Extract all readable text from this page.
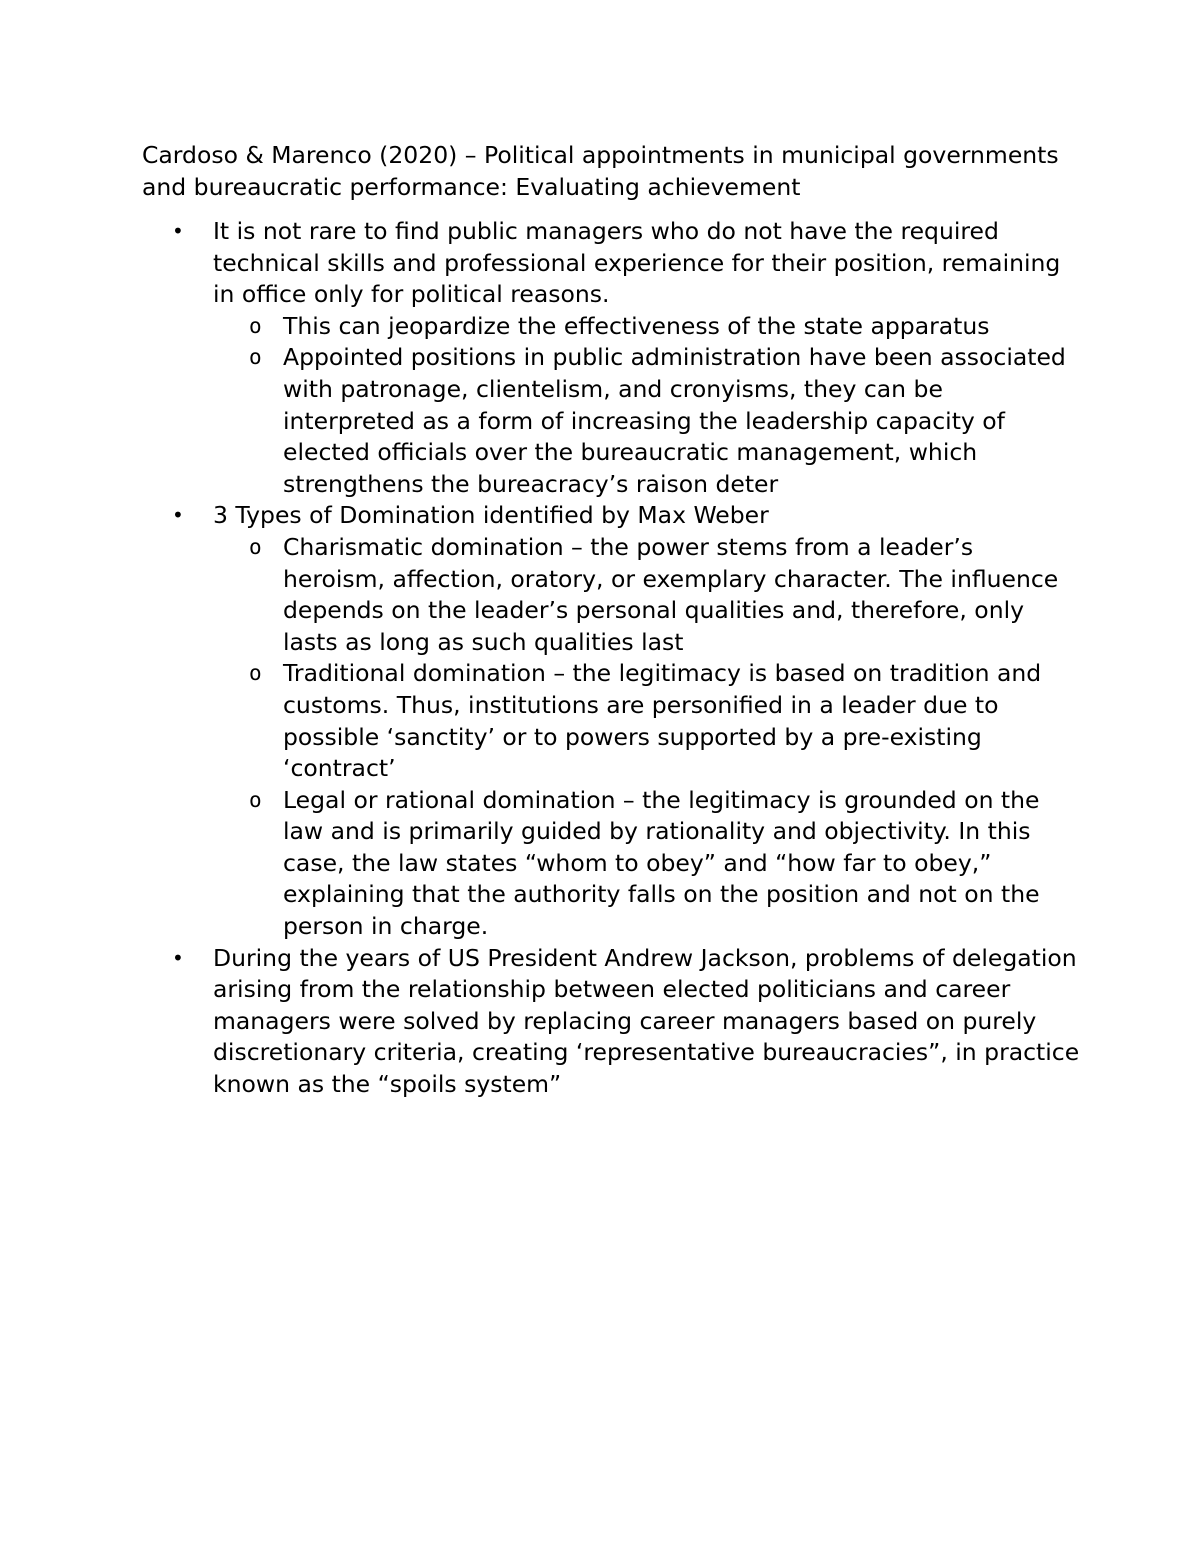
Cardoso & Marenco (2020) – Political appointments in municipal governments and bureaucratic performance: Evaluating achievement

•	It is not rare to find public managers who do not have the required technical skills and professional experience for their position, remaining in office only for political reasons.
o This can jeopardize the effectiveness of the state apparatus
o Appointed positions in public administration have been associated with patronage, clientelism, and cronyisms, they can be interpreted as a form of increasing the leadership capacity of elected officials over the bureaucratic management, which strengthens the bureacracy’s raison deter
•	3 Types of Domination identified by Max Weber
o Charismatic domination – the power stems from a leader’s heroism, affection, oratory, or exemplary character. The influence depends on the leader’s personal qualities and, therefore, only lasts as long as such qualities last
o Traditional domination – the legitimacy is based on tradition and customs. Thus, institutions are personified in a leader due to possible ‘sanctity’ or to powers supported by a pre-existing ‘contract’
o Legal or rational domination – the legitimacy is grounded on the law and is primarily guided by rationality and objectivity. In this case, the law states “whom to obey” and “how far to obey,” explaining that the authority falls on the position and not on the person in charge.
•	During the years of US President Andrew Jackson, problems of delegation arising from the relationship between elected politicians and career managers were solved by replacing career managers based on purely discretionary criteria, creating ‘representative bureaucracies”, in practice known as the “spoils system”
